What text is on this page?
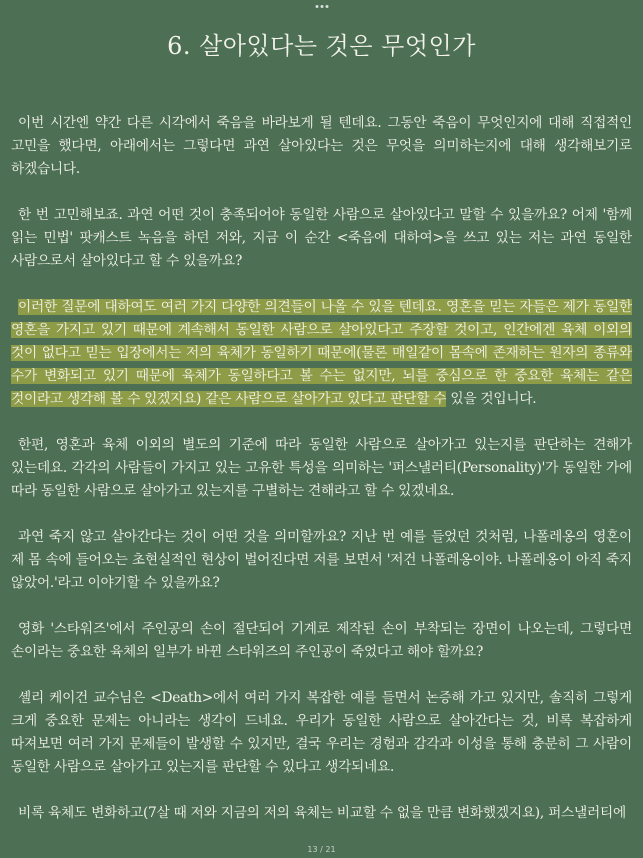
6. 살아있다는 것은 무엇인가

이번 시간엔 약간 다른 시각에서 죽음을 바라보게 될 텐데요. 그동안 죽음이 무엇인지에 대해 직접적인 고민을 했다면, 아래에서는 그렇다면 과연 살아있다는 것은 무엇을 의미하는지에 대해 생각해보기로 하겠습니다.

한 번 고민해보죠. 과연 어떤 것이 충족되어야 동일한 사람으로 살아있다고 말할 수 있을까요? 어제 '함께 읽는 민법' 팟캐스트 녹음을 하던 저와, 지금 이 순간 <죽음에 대하여>을 쓰고 있는 저는 과연 동일한 사람으로서 살아있다고 할 수 있을까요?

이러한 질문에 대하여도 여러 가지 다양한 의견들이 나올 수 있을 텐데요. 영혼을 믿는 자들은 제가 동일한 영혼을 가지고 있기 때문에 계속해서 동일한 사람으로 살아있다고 주장할 것이고, 인간에겐 육체 이외의 것이 없다고 믿는 입장에서는 저의 육체가 동일하기 때문에(물론 매일같이 몸속에 존재하는 원자의 종류와 수가 변화되고 있기 때문에 육체가 동일하다고 볼 수는 없지만, 뇌를 중심으로 한 중요한 육체는 같은 것이라고 생각해 볼 수 있겠지요) 같은 사람으로 살아가고 있다고 판단할 수 있을 것입니다.

한편, 영혼과 육체 이외의 별도의 기준에 따라 동일한 사람으로 살아가고 있는지를 판단하는 견해가 있는데요. 각각의 사람들이 가지고 있는 고유한 특성을 의미하는 '퍼스낼러티(Personality)'가 동일한 가에 따라 동일한 사람으로 살아가고 있는지를 구별하는 견해라고 할 수 있겠네요.

과연 죽지 않고 살아간다는 것이 어떤 것을 의미할까요? 지난 번 예를 들었던 것처럼, 나폴레옹의 영혼이 제 몸 속에 들어오는 초현실적인 현상이 벌어진다면 저를 보면서 '저건 나폴레옹이야. 나폴레옹이 아직 죽지 않았어.'라고 이야기할 수 있을까요?

영화 '스타워즈'에서 주인공의 손이 절단되어 기계로 제작된 손이 부착되는 장면이 나오는데, 그렇다면 손이라는 중요한 육체의 일부가 바뀐 스타워즈의 주인공이 죽었다고 해야 할까요?

셸리 케이건 교수님은 <Death>에서 여러 가지 복잡한 예를 들면서 논증해 가고 있지만, 솔직히 그렇게 크게 중요한 문제는 아니라는 생각이 드네요. 우리가 동일한 사람으로 살아간다는 것, 비록 복잡하게 따져보면 여러 가지 문제들이 발생할 수 있지만, 결국 우리는 경험과 감각과 이성을 통해 충분히 그 사람이 동일한 사람으로 살아가고 있는지를 판단할 수 있다고 생각되네요.

비록 육체도 변화하고(7살 때 저와 지금의 저의 육체는 비교할 수 없을 만큼 변화했겠지요), 퍼스낼러티에

13 / 21
